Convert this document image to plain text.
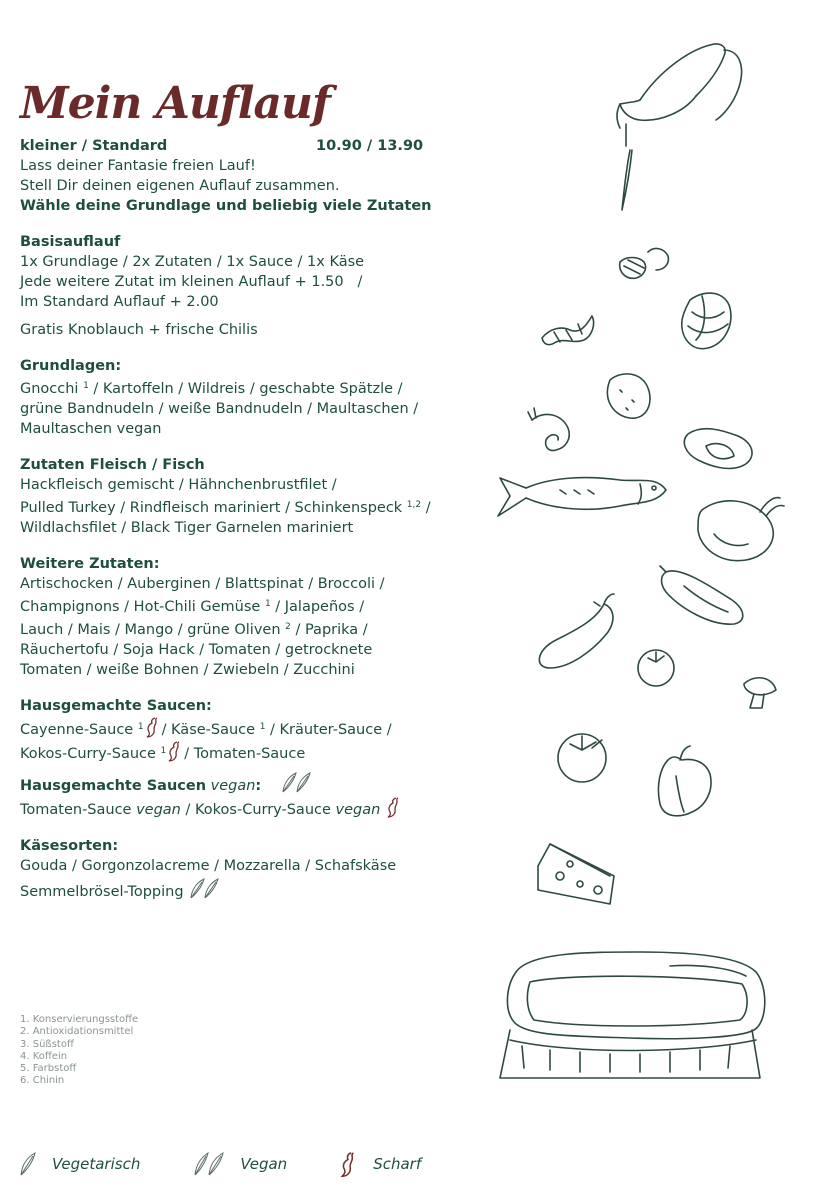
Mein Auflauf
kleiner / Standard	10.90 / 13.90

Lass deiner Fantasie freien Lauf!

Stell Dir deinen eigenen Auflauf zusammen.

Wähle deine Grundlage und beliebig viele Zutaten

Basisauflauf

1x Grundlage / 2x Zutaten / 1x Sauce / 1x Käse

Jede weitere Zutat im kleinen Auflauf + 1.50   /

Im Standard Auflauf + 2.00

Gratis Knoblauch + frische Chilis

Grundlagen:

Gnocchi $^1$ / Kartoffeln / Wildreis / geschabte Spätzle /

grüne Bandnudeln / weiße Bandnudeln / Maultaschen /

Maultaschen vegan

Zutaten Fleisch / Fisch

Hackfleisch gemischt / Hähnchenbrustfilet /

Pulled Turkey / Rindfleisch mariniert / Schinkenspeck $^{1,2}$ /

Wildlachsfilet / Black Tiger Garnelen mariniert

Weitere Zutaten:

Artischocken / Auberginen / Blattspinat / Broccoli /

Champignons / Hot-Chili Gemüse $^1$ / Jalapeños /

Lauch / Mais / Mango / grüne Oliven $^2$ / Paprika /

Räuchertofu / Soja Hack / Tomaten / getrocknete

Tomaten / weiße Bohnen / Zwiebeln / Zucchini

Hausgemachte Saucen:

Cayenne-Sauce $^1$ / Käse-Sauce $^1$ / Kräuter-Sauce /

Kokos-Curry-Sauce $^1$ / Tomaten-Sauce

Hausgemachte Saucen vegan:

Tomaten-Sauce vegan / Kokos-Curry-Sauce vegan

Käsesorten:

Gouda / Gorgonzolacreme / Mozzarella / Schafskäse

Semmelbrösel-Topping

1. Konservierungsstoffe
2. Antioxidationsmittel
3. Süßstoff
4. Koffein
5. Farbstoff
6. Chinin
Vegetarisch	Vegan	Scharf
